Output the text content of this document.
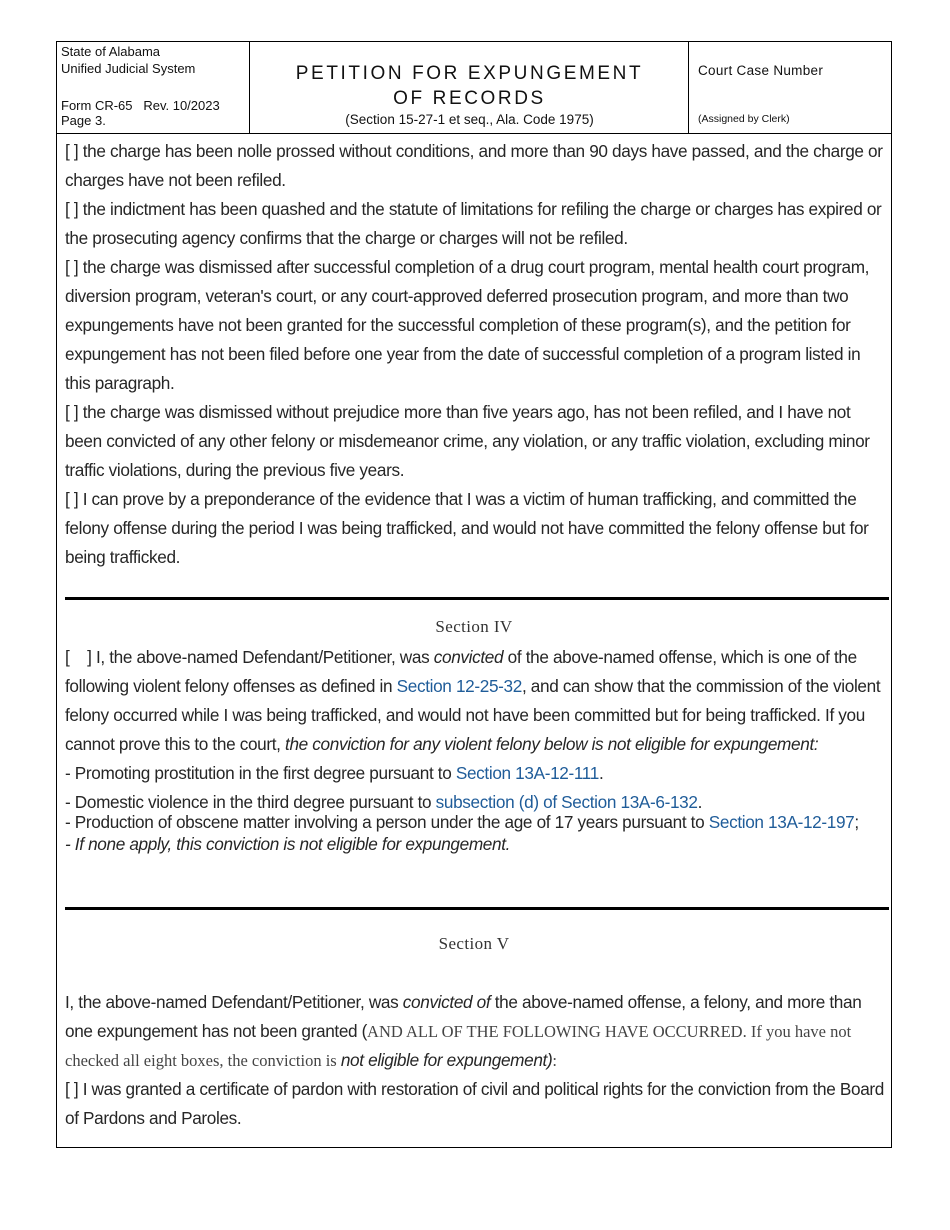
State of Alabama
Unified Judicial System
Form CR-65   Rev. 10/2023
Page 3.
PETITION FOR EXPUNGEMENT OF RECORDS
(Section 15-27-1 et seq., Ala. Code 1975)
Court Case Number
(Assigned by Clerk)

[ ] the charge has been nolle prossed without conditions, and more than 90 days have passed, and the charge or charges have not been refiled.

[ ] the indictment has been quashed and the statute of limitations for refiling the charge or charges has expired or the prosecuting agency confirms that the charge or charges will not be refiled.

[ ] the charge was dismissed after successful completion of a drug court program, mental health court program, diversion program, veteran's court, or any court-approved deferred prosecution program, and more than two expungements have not been granted for the successful completion of these program(s), and the petition for expungement has not been filed before one year from the date of successful completion of a program listed in this paragraph.

[ ] the charge was dismissed without prejudice more than five years ago, has not been refiled, and I have not been convicted of any other felony or misdemeanor crime, any violation, or any traffic violation, excluding minor traffic violations, during the previous five years.

[ ] I can prove by a preponderance of the evidence that I was a victim of human trafficking, and committed the felony offense during the period I was being trafficked, and would not have committed the felony offense but for being trafficked.

Section IV

[    ] I, the above-named Defendant/Petitioner, was convicted of the above-named offense, which is one of the following violent felony offenses as defined in Section 12-25-32, and can show that the commission of the violent felony occurred while I was being trafficked, and would not have been committed but for being trafficked. If you cannot prove this to the court, the conviction for any violent felony below is not eligible for expungement:

- Promoting prostitution in the first degree pursuant to Section 13A-12-111.

- Domestic violence in the third degree pursuant to subsection (d) of Section 13A-6-132.

- Production of obscene matter involving a person under the age of 17 years pursuant to Section 13A-12-197;

- If none apply, this conviction is not eligible for expungement.

Section V

I, the above-named Defendant/Petitioner, was convicted of the above-named offense, a felony, and more than one expungement has not been granted (AND ALL OF THE FOLLOWING HAVE OCCURRED. If you have not checked all eight boxes, the conviction is not eligible for expungement):

[ ] I was granted a certificate of pardon with restoration of civil and political rights for the conviction from the Board of Pardons and Paroles.
